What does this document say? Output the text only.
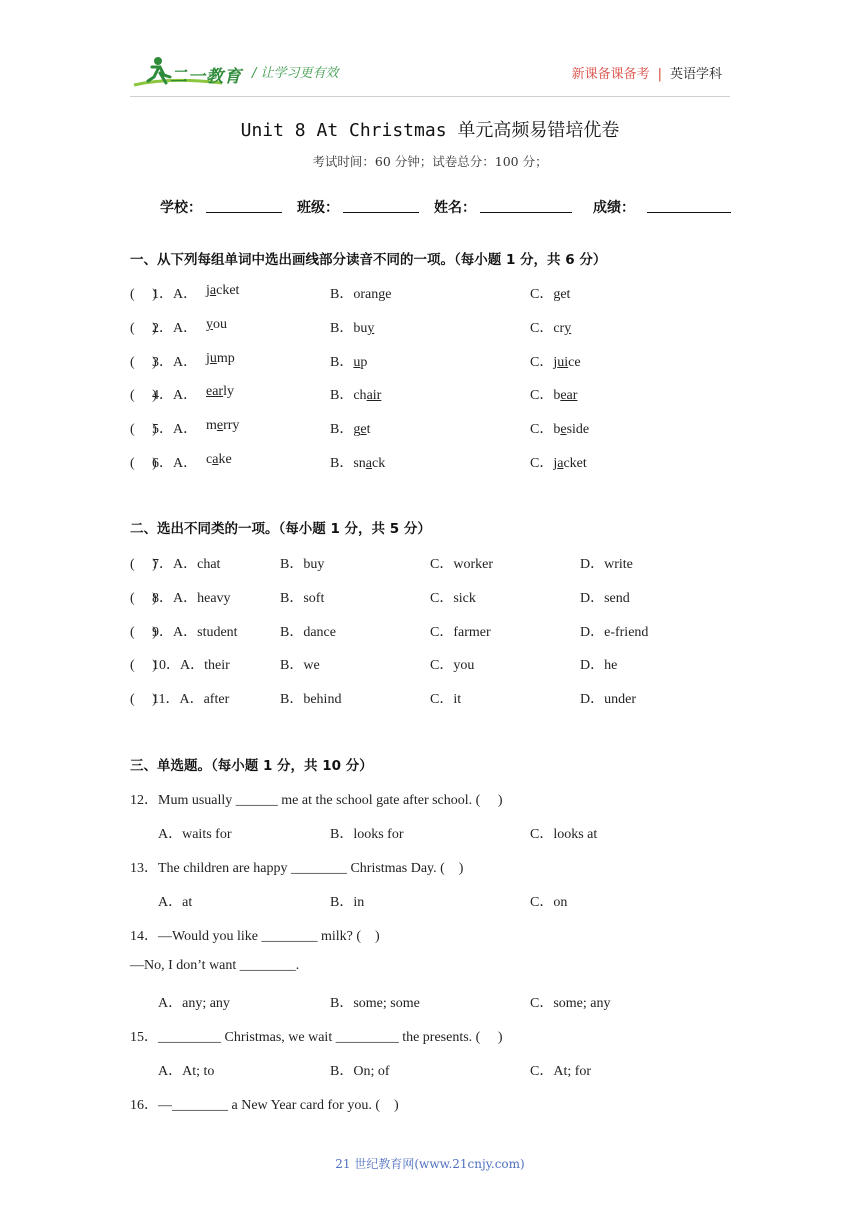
二一教育 / 让学习更有效	新课备课备考 | 英语学科
Unit 8 At Christmas 单元高频易错培优卷
考试时间：60 分钟；试卷总分：100 分；
学校：	班级：	姓名：	成绩：
一、从下列每组单词中选出画线部分读音不同的一项。（每小题 1 分，共 6 分）
(　 )
1．A． jacket	B．orange	C．get
(　 )
2．A． you	B．buy	C．cry
(　 )
3．A． jump	B．up	C．juice
(　 )
4．A． early	B．chair	C．bear
(　 )
5．A． merry	B．get	C．beside
(　 )
6．A． cake	B．snack	C．jacket
二、选出不同类的一项。（每小题 1 分，共 5 分）
(　 )
7．A．chat	B．buy	C．worker	D．write
(　 )
8．A．heavy	B．soft	C．sick	D．send
(　 )
9．A．student	B．dance	C．farmer	D．e-friend
(　 )
10．A．their	B．we	C．you	D．he
(　 )
11．A．after	B．behind	C．it	D．under
三、单选题。（每小题 1 分，共 10 分）
12．Mum usually ______ me at the school gate after school. (　 )
A．waits for	B．looks for	C．looks at
13．The children are happy ________ Christmas Day. (　)
A．at	B．in	C．on
14．—Would you like ________ milk? (　)
—No, I don’t want ________.
A．any; any	B．some; some	C．some; any
15．_________ Christmas, we wait _________ the presents. (　 )
A．At; to	B．On; of	C．At; for
16．—________ a New Year card for you. (　)
21 世纪教育网(www.21cnjy.com)
